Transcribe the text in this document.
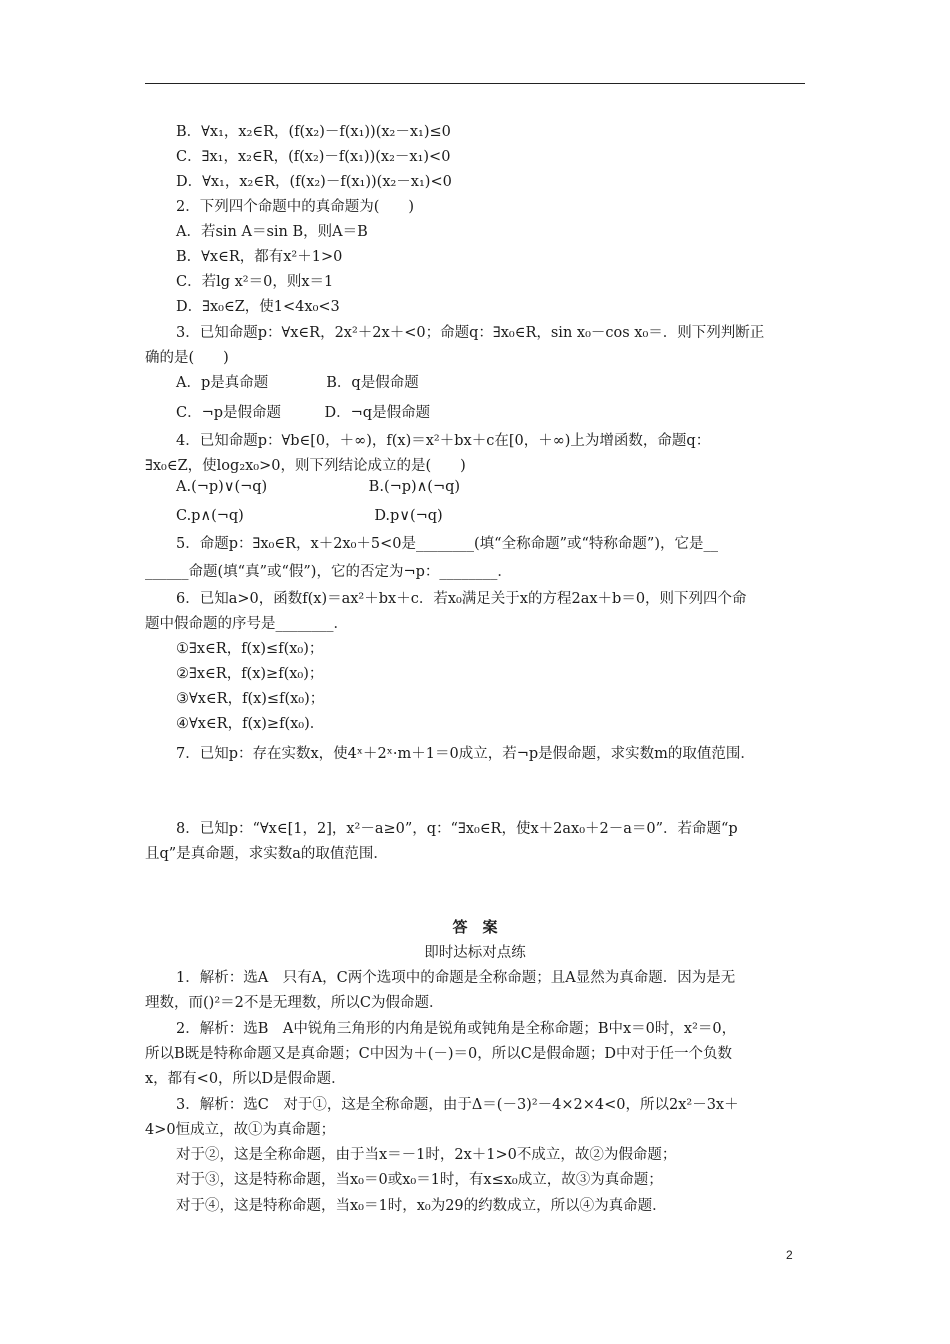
B．∀x₁，x₂∈R，(f(x₂)－f(x₁))(x₂－x₁)≤0
C．∃x₁，x₂∈R，(f(x₂)－f(x₁))(x₂－x₁)<0
D．∀x₁，x₂∈R，(f(x₂)－f(x₁))(x₂－x₁)<0
2．下列四个命题中的真命题为(　　)
A．若sin A＝sin B，则A＝B
B．∀x∈R，都有x²＋1>0
C．若lg x²＝0，则x＝1
D．∃x₀∈Z，使1<4x₀<3
3．已知命题p：∀x∈R，2x²＋2x＋<0；命题q：∃x₀∈R，sin x₀－cos x₀＝．则下列判断正
确的是(　　)
A．p是真命题　　　　B．q是假命题
C．¬p是假命题　　　D．¬q是假命题
4．已知命题p：∀b∈[0，＋∞)，f(x)＝x²＋bx＋c在[0，＋∞)上为增函数，命题q：
∃x₀∈Z，使log₂x₀>0，则下列结论成立的是(　　)
A.(¬p)∨(¬q)　　　　　　　B.(¬p)∧(¬q)
C.p∧(¬q)　　　　　　　　　D.p∨(¬q)
5．命题p：∃x₀∈R，x＋2x₀＋5<0是________(填“全称命题”或“特称命题”)，它是__
______命题(填“真”或“假”)，它的否定为¬p：________．
6．已知a>0，函数f(x)＝ax²＋bx＋c．若x₀满足关于x的方程2ax＋b＝0，则下列四个命
题中假命题的序号是________．
①∃x∈R，f(x)≤f(x₀)；
②∃x∈R，f(x)≥f(x₀)；
③∀x∈R，f(x)≤f(x₀)；
④∀x∈R，f(x)≥f(x₀)．
7．已知p：存在实数x，使4ˣ＋2ˣ·m＋1＝0成立，若¬p是假命题，求实数m的取值范围．
8．已知p：“∀x∈[1，2]，x²－a≥0”，q：“∃x₀∈R，使x＋2ax₀＋2－a＝0”．若命题“p
且q”是真命题，求实数a的取值范围．
答　案
即时达标对点练
1．解析：选A　只有A，C两个选项中的命题是全称命题；且A显然为真命题．因为是无
理数，而()²＝2不是无理数，所以C为假命题．
2．解析：选B　A中锐角三角形的内角是锐角或钝角是全称命题；B中x＝0时，x²＝0，
所以B既是特称命题又是真命题；C中因为＋(－)＝0，所以C是假命题；D中对于任一个负数
x，都有<0，所以D是假命题．
3．解析：选C　对于①，这是全称命题，由于Δ＝(－3)²－4×2×4<0，所以2x²－3x＋
4>0恒成立，故①为真命题；
对于②，这是全称命题，由于当x＝－1时，2x＋1>0不成立，故②为假命题；
对于③，这是特称命题，当x₀＝0或x₀＝1时，有x≤x₀成立，故③为真命题；
对于④，这是特称命题，当x₀＝1时，x₀为29的约数成立，所以④为真命题．
2
